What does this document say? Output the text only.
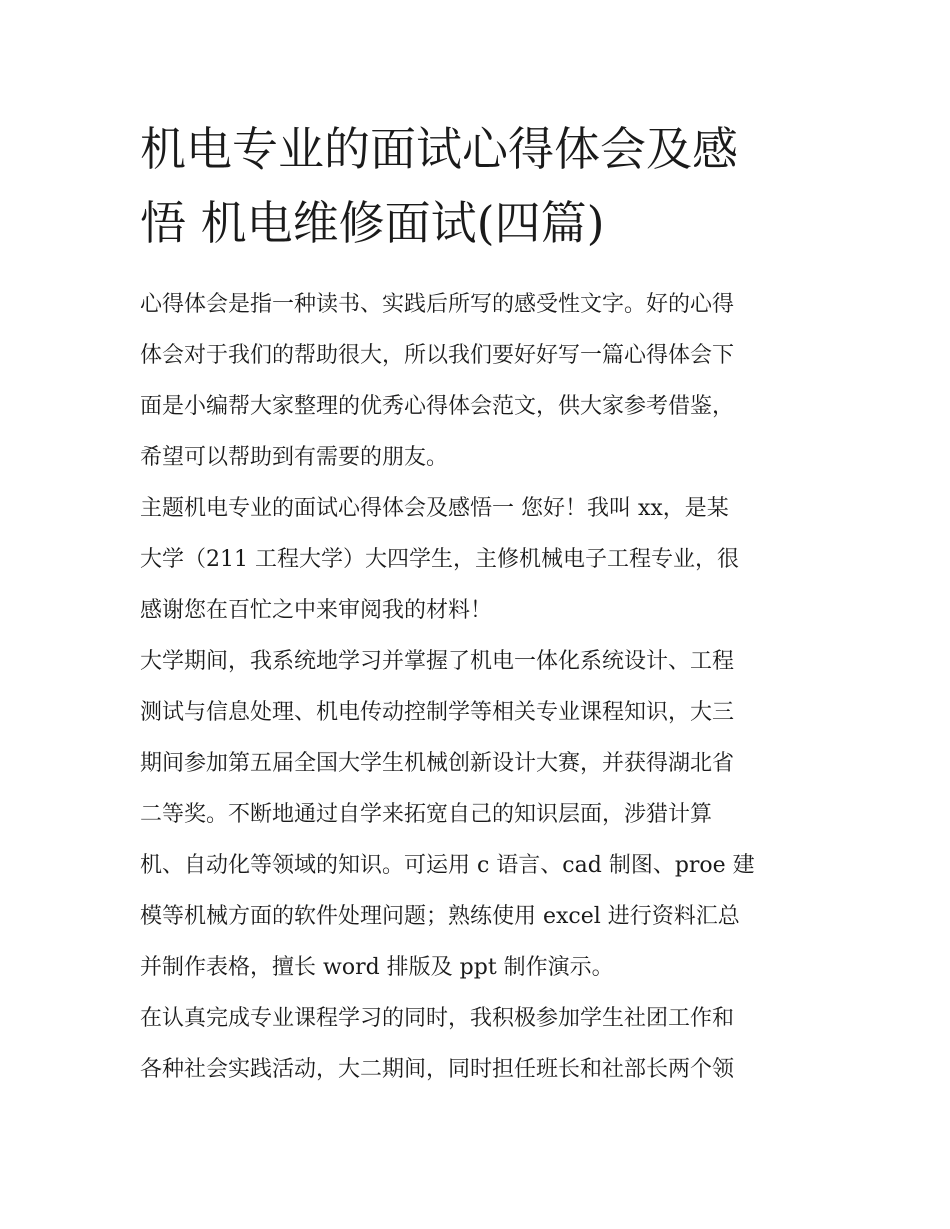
机电专业的面试心得体会及感
悟 机电维修面试(四篇)

心得体会是指一种读书、实践后所写的感受性文字。好的心得
体会对于我们的帮助很大，所以我们要好好写一篇心得体会下
面是小编帮大家整理的优秀心得体会范文，供大家参考借鉴，
希望可以帮助到有需要的朋友。

主题机电专业的面试心得体会及感悟一 您好！我叫 xx，是某
大学（211 工程大学）大四学生，主修机械电子工程专业，很
感谢您在百忙之中来审阅我的材料！

大学期间，我系统地学习并掌握了机电一体化系统设计、工程
测试与信息处理、机电传动控制学等相关专业课程知识，大三
期间参加第五届全国大学生机械创新设计大赛，并获得湖北省
二等奖。不断地通过自学来拓宽自己的知识层面，涉猎计算
机、自动化等领域的知识。可运用 c 语言、cad 制图、proe 建
模等机械方面的软件处理问题；熟练使用 excel 进行资料汇总
并制作表格，擅长 word 排版及 ppt 制作演示。

在认真完成专业课程学习的同时，我积极参加学生社团工作和
各种社会实践活动，大二期间，同时担任班长和社部长两个领
